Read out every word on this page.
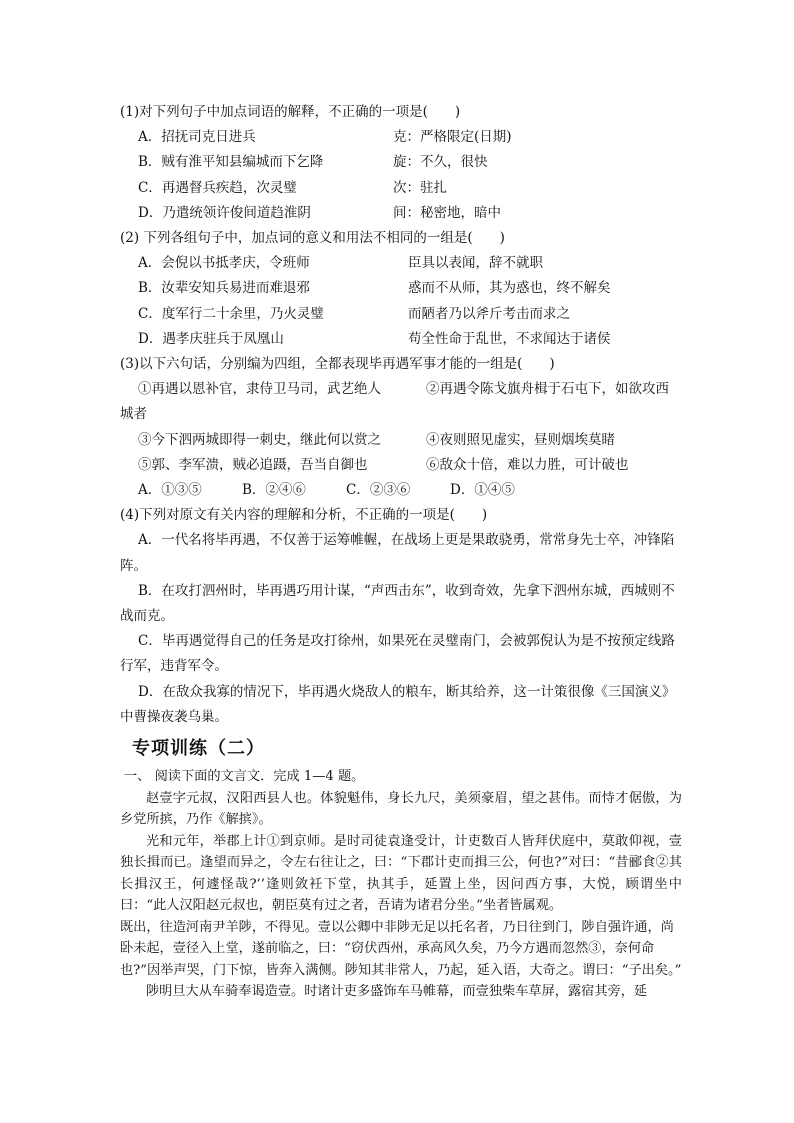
(1)对下列句子中加点词语的解释，不正确的一项是(　　)
A．招抚司克日进兵	克：严格限定(日期)
B．贼有淮平知县编城而下乞降	旋：不久，很快
C．再遇督兵疾趋，次灵璧	次：驻扎
D．乃遣统领许俊间道趋淮阴	间：秘密地，暗中
(2) 下列各组句子中，加点词的意义和用法不相同的一组是(　　)
A．会倪以书抵孝庆，令班师	臣具以表闻，辞不就职
B．汝辈安知兵易进而难退邪	惑而不从师，其为惑也，终不解矣
C．度军行二十余里，乃火灵璧	而陋者乃以斧斤考击而求之
D．遇孝庆驻兵于凤凰山	苟全性命于乱世，不求闻达于诸侯
(3)以下六句话，分别编为四组，全都表现毕再遇军事才能的一组是(　　)
①再遇以恩补官，隶侍卫马司，武艺绝人	②再遇令陈戈旗舟楫于石屯下，如欲攻西
城者
③今下泗两城即得一刺史，继此何以赏之	④夜则照见虚实，昼则烟埃莫睹
⑤郭、李军溃，贼必追蹑，吾当自御也	⑥敌众十倍，难以力胜，可计破也
A．①③⑤	B．②④⑥	C．②③⑥	D．①④⑤
(4)下列对原文有关内容的理解和分析，不正确的一项是(　　)
A．一代名将毕再遇，不仅善于运筹帷幄，在战场上更是果敢骁勇，常常身先士卒，冲锋陷阵。
B．在攻打泗州时，毕再遇巧用计谋，“声西击东”，收到奇效，先拿下泗州东城，西城则不战而克。
C．毕再遇觉得自己的任务是攻打徐州，如果死在灵璧南门，会被郭倪认为是不按预定线路行军，违背军令。
D．在敌众我寡的情况下，毕再遇火烧敌人的粮车，断其给养，这一计策很像《三国演义》中曹操夜袭乌巢。
专项训练（二）
一、 阅读下面的文言文．完成 1—4 题。
赵壹字元叔，汉阳西县人也。体貌魁伟，身长九尺，美须豪眉，望之甚伟。而恃才倨傲，为乡党所摈，乃作《解摈》。
光和元年，举郡上计①到京师。是时司徒袁逢受计，计吏数百人皆拜伏庭中，莫敢仰视，壹独长揖而已。逢望而异之，令左右往让之，曰：“下郡计吏而揖三公，何也?”对曰：“昔郦食②其长揖汉王，何遽怪哉?’’逢则敛衽下堂，执其手，延置上坐，因问西方事，大悦，顾谓坐中曰：“此人汉阳赵元叔也，朝臣莫有过之者，吾请为诸君分坐。”坐者皆属观。
既出，往造河南尹羊陟，不得见。壹以公卿中非陟无足以托名者，乃日往到门，陟自强许通，尚卧未起，壹径入上堂，遂前临之，曰：“窃伏西州，承高风久矣，乃今方遇而忽然③，奈何命也?”因举声哭，门下惊，皆奔入满侧。陟知其非常人，乃起，延入语，大奇之。谓曰：“子出矣。”
陟明旦大从车骑奉谒造壹。时诸计吏多盛饰车马帷幕，而壹独柴车草屏，露宿其旁，延
